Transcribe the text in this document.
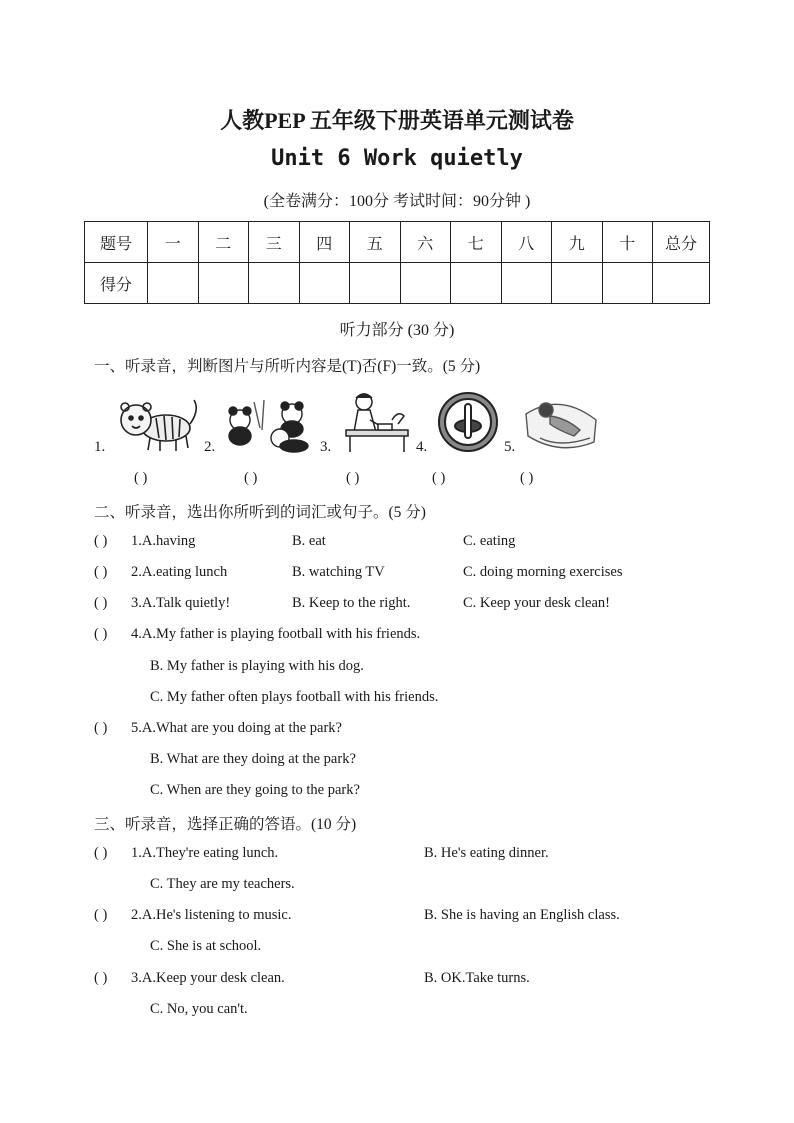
人教PEP 五年级下册英语单元测试卷
Unit 6 Work quietly
(全卷满分：100分 考试时间：90分钟 )
题号	一	二	三	四	五	六	七	八	九	十	总分
得分											
听力部分 (30 分)
一、听录音，判断图片与所听内容是(T)否(F)一致。(5 分)
1.
( )
2.
( )
3.
( )
4.
( )
5.
( )
二、听录音，选出你所听到的词汇或句子。(5 分)
( ) 1.A.having	B. eat	C. eating
( ) 2.A.eating lunch	B. watching TV	C. doing morning exercises
( ) 3.A.Talk quietly!	B. Keep to the right.	C. Keep your desk clean!
( ) 4.A.My father is playing football with his friends.
B. My father is playing with his dog.
C. My father often plays football with his friends.
( ) 5.A.What are you doing at the park?
B. What are they doing at the park?
C. When are they going to the park?
三、听录音，选择正确的答语。(10 分)
( ) 1.A.They're eating lunch.	B. He's eating dinner.
C. They are my teachers.
( ) 2.A.He's listening to music.	B. She is having an English class.
C. She is at school.
( ) 3.A.Keep your desk clean.	B. OK.Take turns.
C. No, you can't.
